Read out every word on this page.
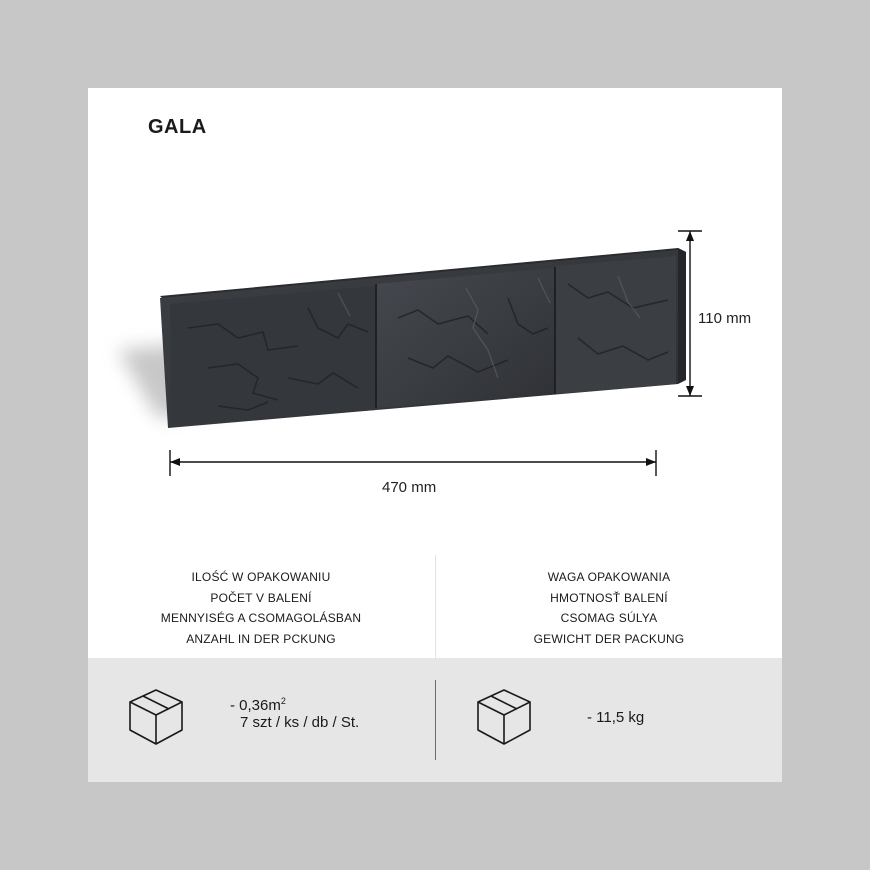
GALA
110 mm
470 mm
ILOŚĆ W OPAKOWANIU
POČET V BALENÍ
MENNYISÉG A CSOMAGOLÁSBAN
ANZAHL IN DER PCKUNG
WAGA OPAKOWANIA
HMOTNOSŤ BALENÍ
CSOMAG SÚLYA
GEWICHT DER PACKUNG
- $0,36m^2$
7 szt / ks / db / St.	- 11,5 kg
